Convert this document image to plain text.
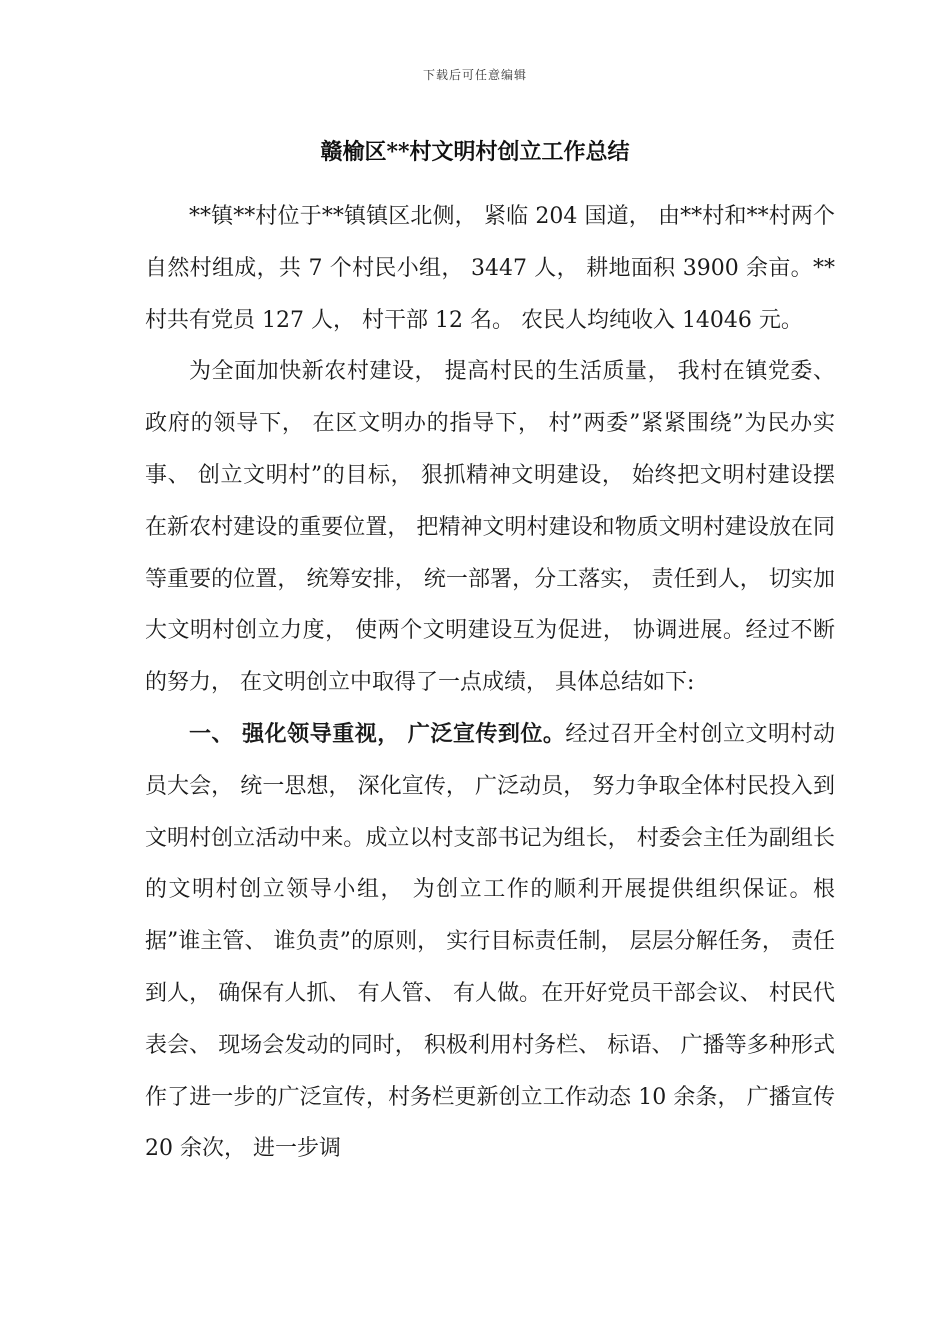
下载后可任意编辑
赣榆区**村文明村创立工作总结

**镇**村位于**镇镇区北侧， 紧临 204 国道， 由**村和**村两个自然村组成，共 7 个村民小组， 3447 人， 耕地面积 3900 余亩。**村共有党员 127 人， 村干部 12 名。 农民人均纯收入 14046 元。

为全面加快新农村建设， 提高村民的生活质量， 我村在镇党委、 政府的领导下， 在区文明办的指导下， 村”两委”紧紧围绕”为民办实事、 创立文明村”的目标， 狠抓精神文明建设， 始终把文明村建设摆在新农村建设的重要位置， 把精神文明村建设和物质文明村建设放在同等重要的位置， 统筹安排， 统一部署，分工落实， 责任到人， 切实加大文明村创立力度， 使两个文明建设互为促进， 协调进展。经过不断的努力， 在文明创立中取得了一点成绩， 具体总结如下:

一、 强化领导重视， 广泛宣传到位。经过召开全村创立文明村动员大会， 统一思想， 深化宣传， 广泛动员， 努力争取全体村民投入到文明村创立活动中来。成立以村支部书记为组长， 村委会主任为副组长的文明村创立领导小组， 为创立工作的顺利开展提供组织保证。根据”谁主管、 谁负责”的原则， 实行目标责任制， 层层分解任务， 责任到人， 确保有人抓、 有人管、 有人做。在开好党员干部会议、 村民代表会、 现场会发动的同时， 积极利用村务栏、 标语、 广播等多种形式作了进一步的广泛宣传，村务栏更新创立工作动态 10 余条， 广播宣传 20 余次， 进一步调
